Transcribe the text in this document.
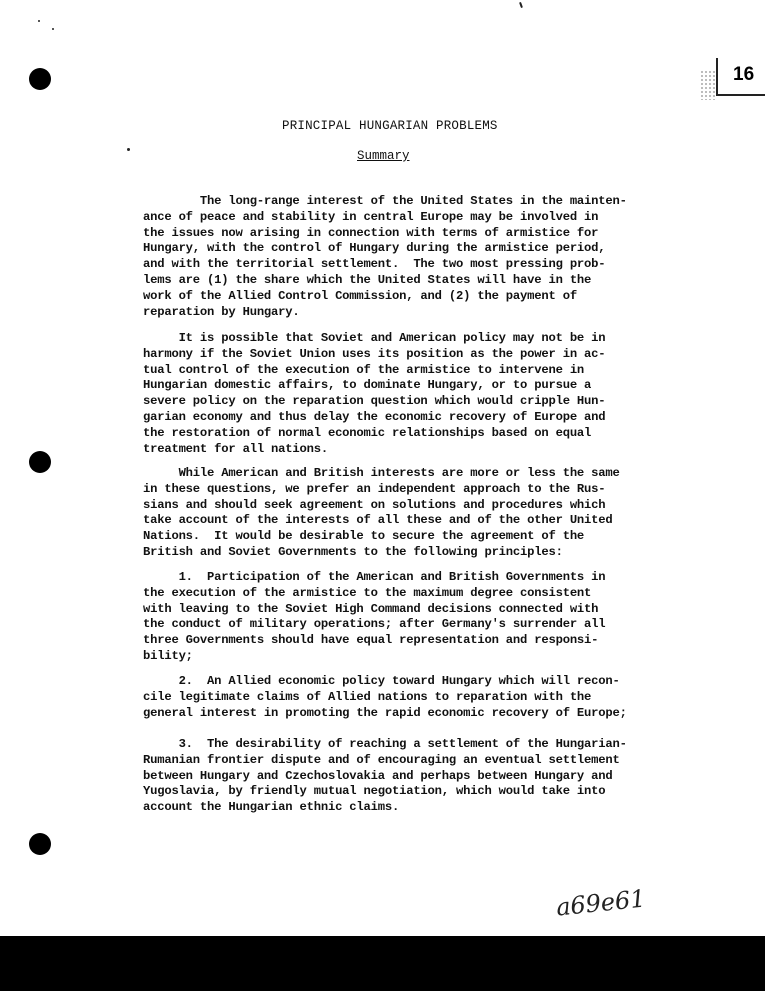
16
PRINCIPAL HUNGARIAN PROBLEMS
Summary
The long-range interest of the United States in the mainten-
ance of peace and stability in central Europe may be involved in
the issues now arising in connection with terms of armistice for
Hungary, with the control of Hungary during the armistice period,
and with the territorial settlement.  The two most pressing prob-
lems are (1) the share which the United States will have in the
work of the Allied Control Commission, and (2) the payment of
reparation by Hungary.
It is possible that Soviet and American policy may not be in
harmony if the Soviet Union uses its position as the power in ac-
tual control of the execution of the armistice to intervene in
Hungarian domestic affairs, to dominate Hungary, or to pursue a
severe policy on the reparation question which would cripple Hun-
garian economy and thus delay the economic recovery of Europe and
the restoration of normal economic relationships based on equal
treatment for all nations.
While American and British interests are more or less the same
in these questions, we prefer an independent approach to the Rus-
sians and should seek agreement on solutions and procedures which
take account of the interests of all these and of the other United
Nations.  It would be desirable to secure the agreement of the
British and Soviet Governments to the following principles:
1.  Participation of the American and British Governments in
the execution of the armistice to the maximum degree consistent
with leaving to the Soviet High Command decisions connected with
the conduct of military operations; after Germany's surrender all
three Governments should have equal representation and responsi-
bility;
2.  An Allied economic policy toward Hungary which will recon-
cile legitimate claims of Allied nations to reparation with the
general interest in promoting the rapid economic recovery of Europe;
3.  The desirability of reaching a settlement of the Hungarian-
Rumanian frontier dispute and of encouraging an eventual settlement
between Hungary and Czechoslovakia and perhaps between Hungary and
Yugoslavia, by friendly mutual negotiation, which would take into
account the Hungarian ethnic claims.
a69e61
